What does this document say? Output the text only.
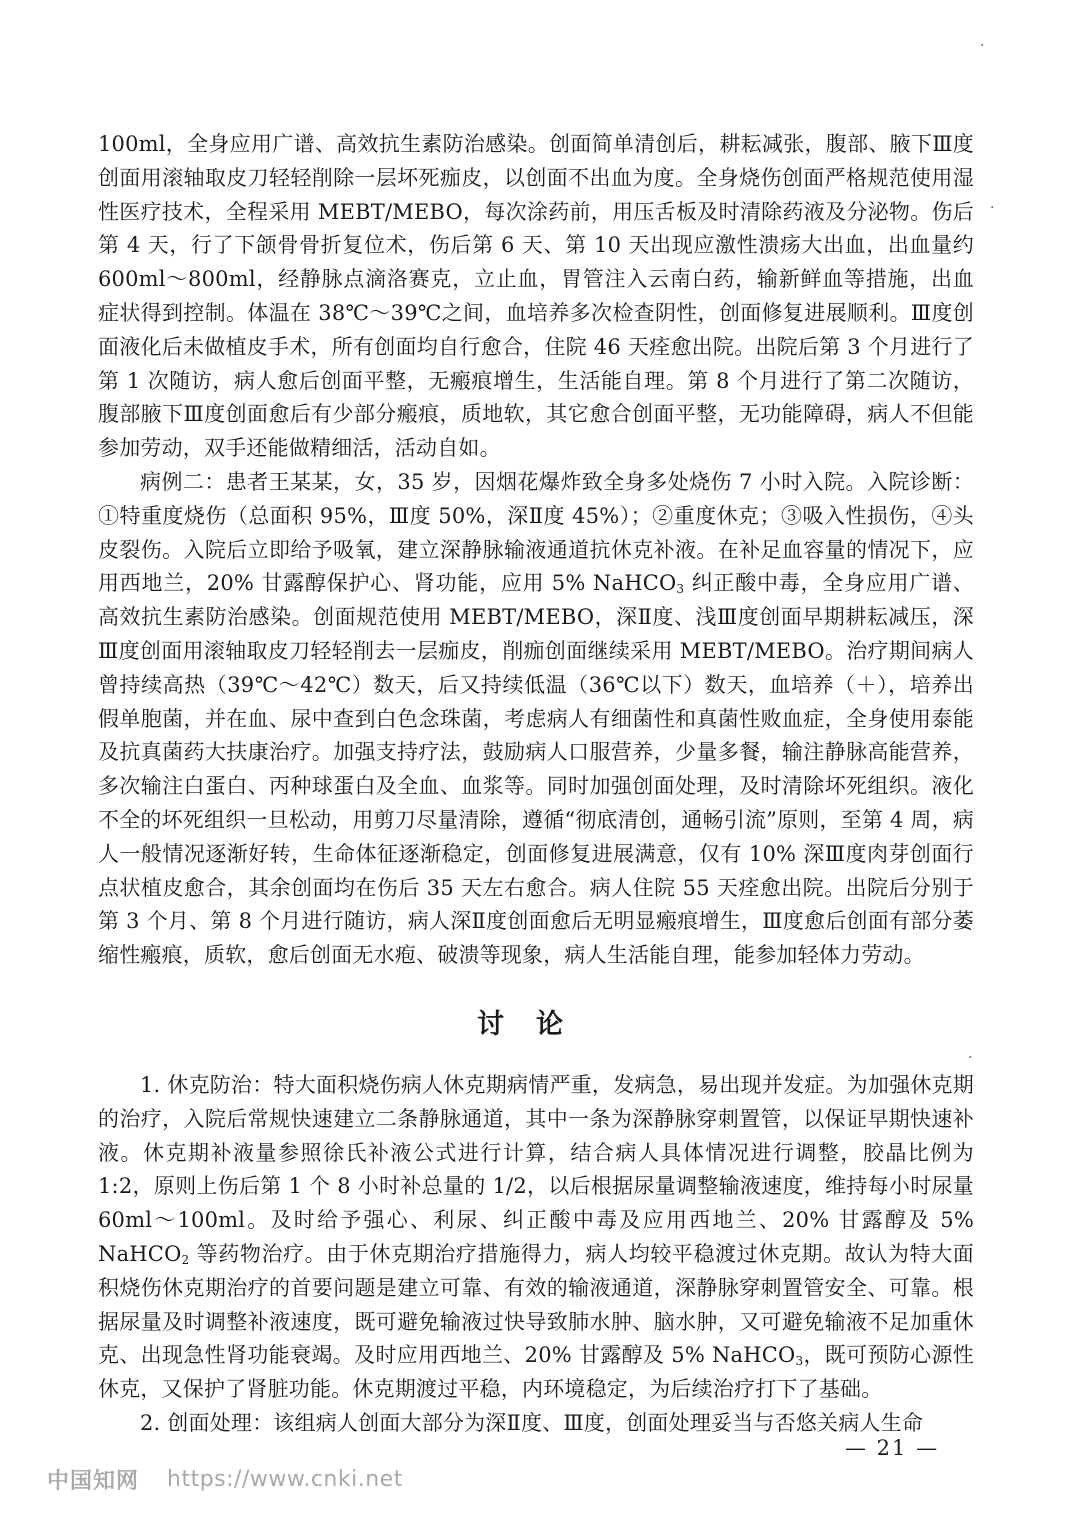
·
·
·

100ml，全身应用广谱、高效抗生素防治感染。创面简单清创后，耕耘减张，腹部、腋下Ⅲ度创面用滚轴取皮刀轻轻削除一层坏死痂皮，以创面不出血为度。全身烧伤创面严格规范使用湿性医疗技术，全程采用 MEBT/MEBO，每次涂药前，用压舌板及时清除药液及分泌物。伤后第 4 天，行了下颌骨骨折复位术，伤后第 6 天、第 10 天出现应激性溃疡大出血，出血量约 600ml～800ml，经静脉点滴洛赛克，立止血，胃管注入云南白药，输新鲜血等措施，出血症状得到控制。体温在 38℃～39℃之间，血培养多次检查阴性，创面修复进展顺利。Ⅲ度创面液化后未做植皮手术，所有创面均自行愈合，住院 46 天痊愈出院。出院后第 3 个月进行了第 1 次随访，病人愈后创面平整，无瘢痕增生，生活能自理。第 8 个月进行了第二次随访，腹部腋下Ⅲ度创面愈后有少部分瘢痕，质地软，其它愈合创面平整，无功能障碍，病人不但能参加劳动，双手还能做精细活，活动自如。

病例二：患者王某某，女，35 岁，因烟花爆炸致全身多处烧伤 7 小时入院。入院诊断：①特重度烧伤（总面积 95%，Ⅲ度 50%，深Ⅱ度 45%）；②重度休克；③吸入性损伤，④头皮裂伤。入院后立即给予吸氧，建立深静脉输液通道抗休克补液。在补足血容量的情况下，应用西地兰，20% 甘露醇保护心、肾功能，应用 5% NaHCO$_3$ 纠正酸中毒，全身应用广谱、高效抗生素防治感染。创面规范使用 MEBT/MEBO，深Ⅱ度、浅Ⅲ度创面早期耕耘减压，深Ⅲ度创面用滚轴取皮刀轻轻削去一层痂皮，削痂创面继续采用 MEBT/MEBO。治疗期间病人曾持续高热（39℃～42℃）数天，后又持续低温（36℃以下）数天，血培养（＋），培养出假单胞菌，并在血、尿中查到白色念珠菌，考虑病人有细菌性和真菌性败血症，全身使用泰能及抗真菌药大扶康治疗。加强支持疗法，鼓励病人口服营养，少量多餐，输注静脉高能营养，多次输注白蛋白、丙种球蛋白及全血、血浆等。同时加强创面处理，及时清除坏死组织。液化不全的坏死组织一旦松动，用剪刀尽量清除，遵循“彻底清创，通畅引流”原则，至第 4 周，病人一般情况逐渐好转，生命体征逐渐稳定，创面修复进展满意，仅有 10% 深Ⅲ度肉芽创面行点状植皮愈合，其余创面均在伤后 35 天左右愈合。病人住院 55 天痊愈出院。出院后分别于第 3 个月、第 8 个月进行随访，病人深Ⅱ度创面愈后无明显瘢痕增生，Ⅲ度愈后创面有部分萎缩性瘢痕，质软，愈后创面无水疱、破溃等现象，病人生活能自理，能参加轻体力劳动。

讨论

1. 休克防治：特大面积烧伤病人休克期病情严重，发病急，易出现并发症。为加强休克期的治疗，入院后常规快速建立二条静脉通道，其中一条为深静脉穿刺置管，以保证早期快速补液。休克期补液量参照徐氏补液公式进行计算，结合病人具体情况进行调整，胶晶比例为 1:2，原则上伤后第 1 个 8 小时补总量的 1/2，以后根据尿量调整输液速度，维持每小时尿量 60ml～100ml。及时给予强心、利尿、纠正酸中毒及应用西地兰、20% 甘露醇及 5% NaHCO$_2$ 等药物治疗。由于休克期治疗措施得力，病人均较平稳渡过休克期。故认为特大面积烧伤休克期治疗的首要问题是建立可靠、有效的输液通道，深静脉穿刺置管安全、可靠。根据尿量及时调整补液速度，既可避免输液过快导致肺水肿、脑水肿，又可避免输液不足加重休克、出现急性肾功能衰竭。及时应用西地兰、20% 甘露醇及 5% NaHCO$_3$，既可预防心源性休克，又保护了肾脏功能。休克期渡过平稳，内环境稳定，为后续治疗打下了基础。

2. 创面处理：该组病人创面大部分为深Ⅱ度、Ⅲ度，创面处理妥当与否悠关病人生命

— 21 —
中国知网 https://www.cnki.net
